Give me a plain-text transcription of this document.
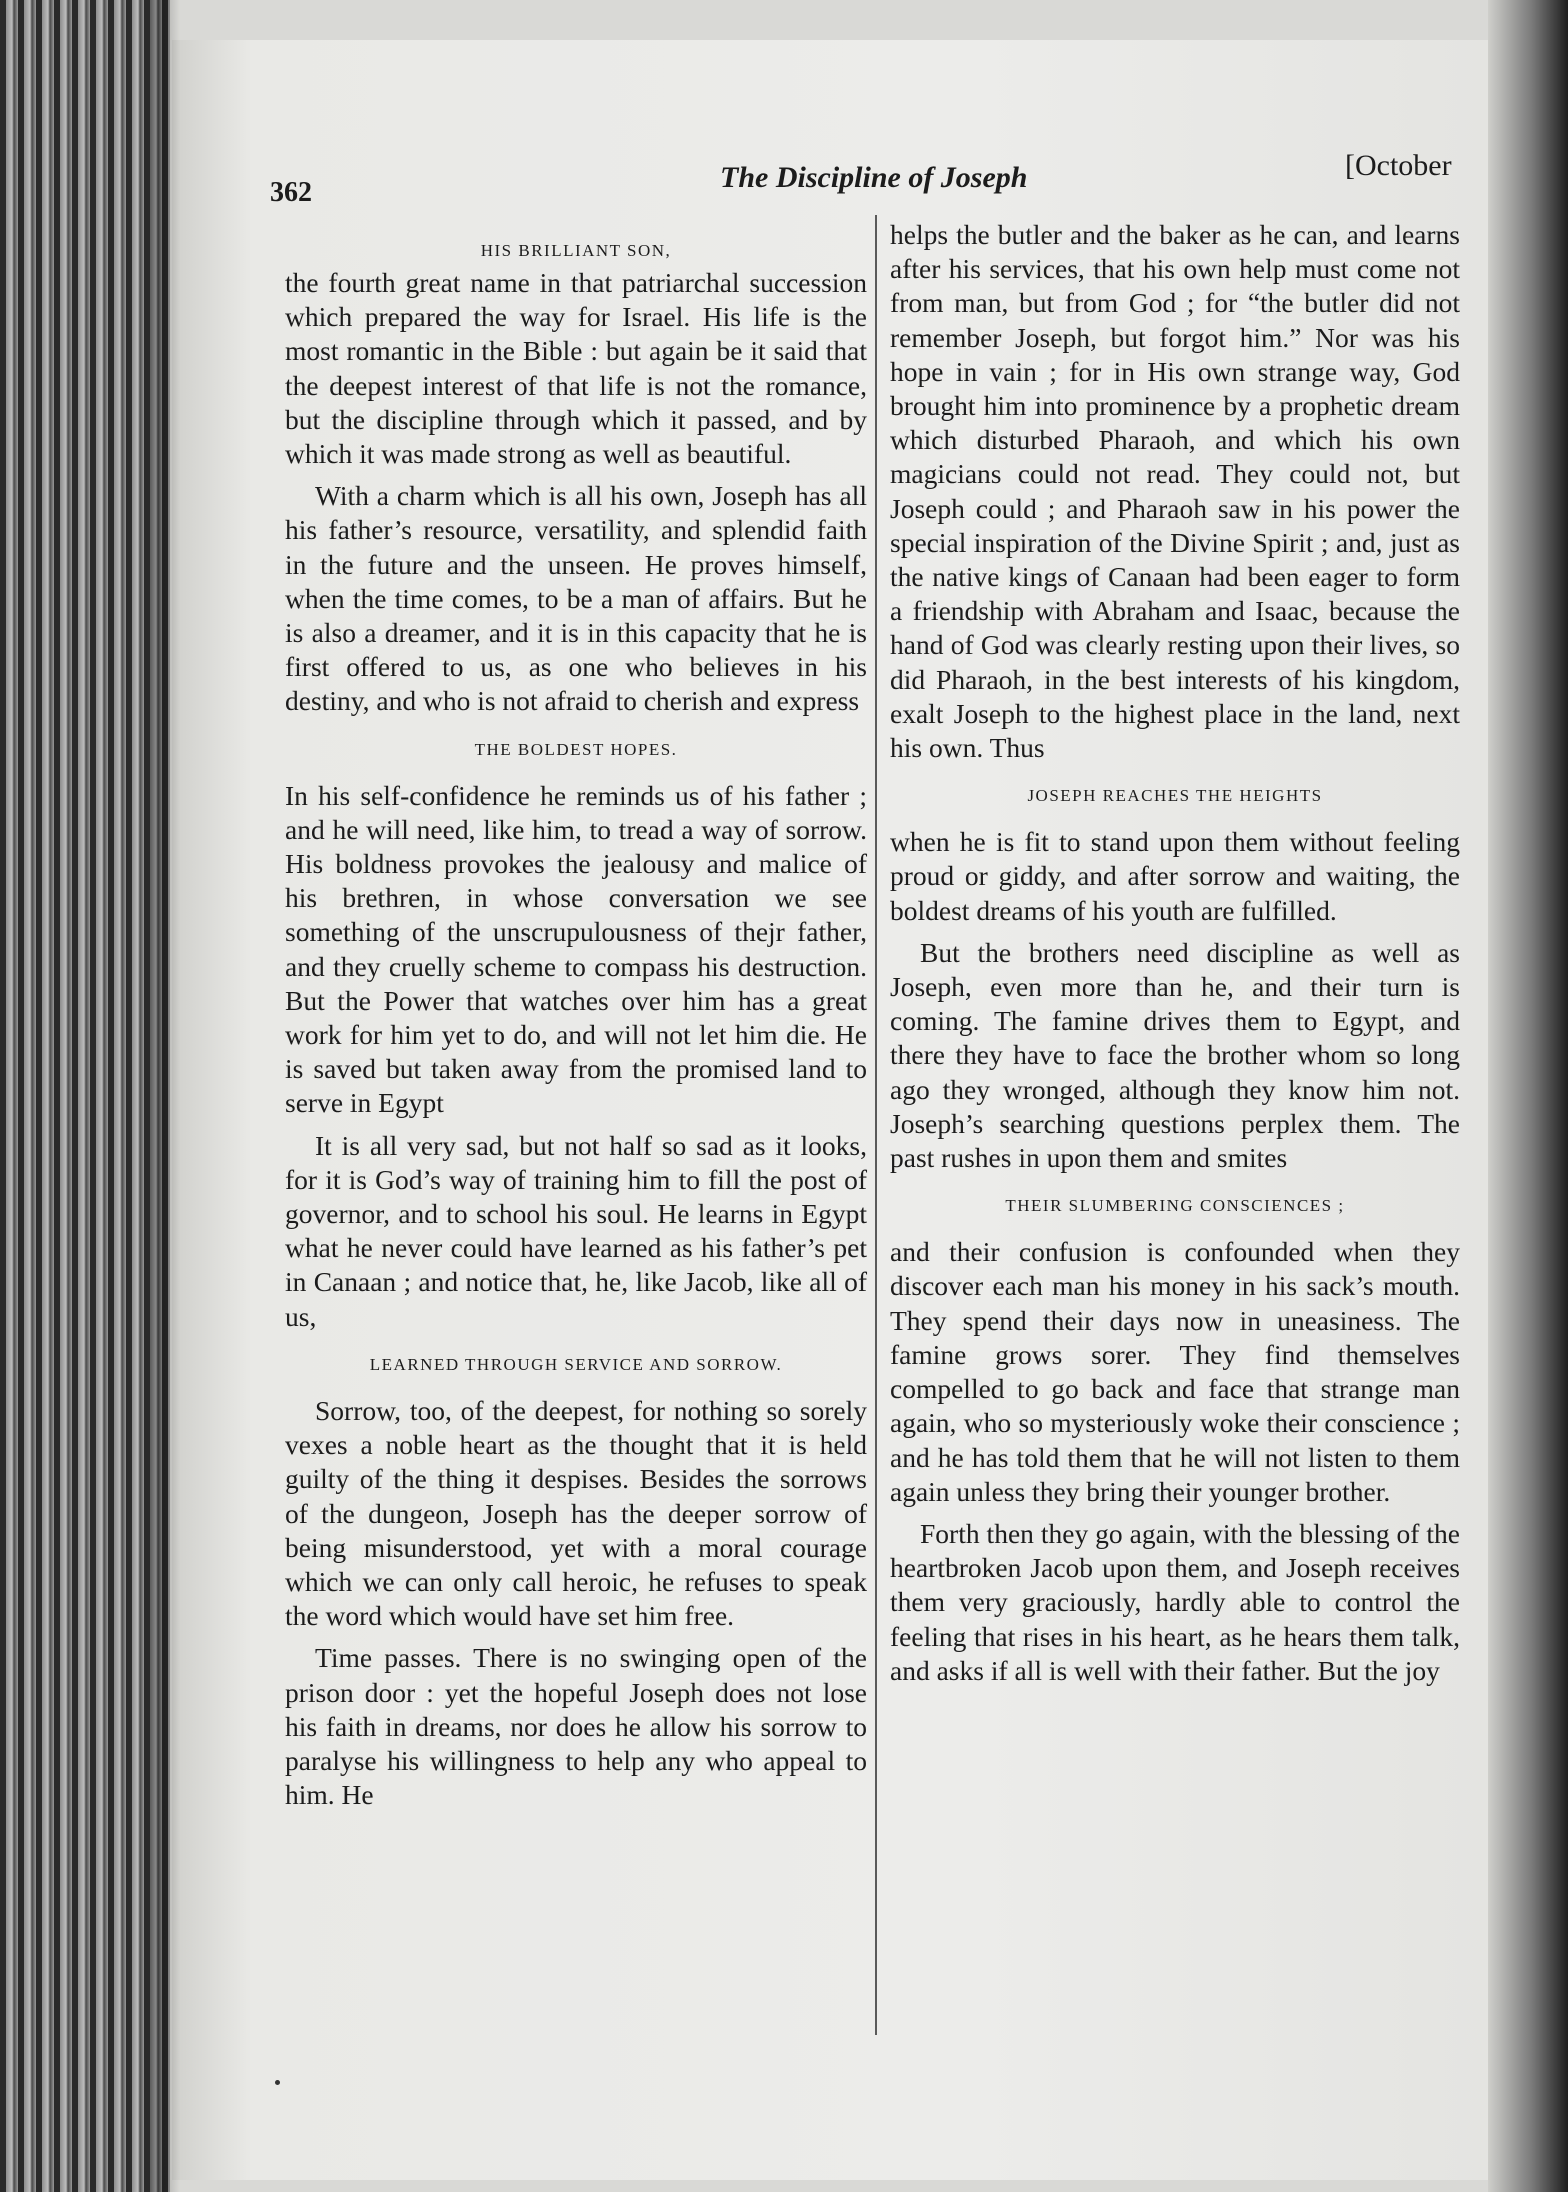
362	The Discipline of Joseph	[October
HIS BRILLIANT SON,

the fourth great name in that patriarchal succession which prepared the way for Israel. His life is the most romantic in the Bible : but again be it said that the deepest interest of that life is not the romance, but the discipline through which it passed, and by which it was made strong as well as beautiful.

With a charm which is all his own, Joseph has all his father’s resource, versatility, and splendid faith in the future and the unseen. He proves himself, when the time comes, to be a man of affairs. But he is also a dreamer, and it is in this capacity that he is first offered to us, as one who believes in his destiny, and who is not afraid to cherish and express

THE BOLDEST HOPES.

In his self-confidence he reminds us of his father ; and he will need, like him, to tread a way of sorrow. His boldness provokes the jealousy and malice of his brethren, in whose conversation we see something of the unscrupulousness of thejr father, and they cruelly scheme to compass his destruction. But the Power that watches over him has a great work for him yet to do, and will not let him die. He is saved but taken away from the promised land to serve in Egypt

It is all very sad, but not half so sad as it looks, for it is God’s way of training him to fill the post of governor, and to school his soul. He learns in Egypt what he never could have learned as his father’s pet in Canaan ; and notice that, he, like Jacob, like all of us,

LEARNED THROUGH SERVICE AND SORROW.

Sorrow, too, of the deepest, for nothing so sorely vexes a noble heart as the thought that it is held guilty of the thing it despises. Besides the sorrows of the dungeon, Joseph has the deeper sorrow of being misunderstood, yet with a moral courage which we can only call heroic, he refuses to speak the word which would have set him free.

Time passes. There is no swinging open of the prison door : yet the hopeful Joseph does not lose his faith in dreams, nor does he allow his sorrow to paralyse his willingness to help any who appeal to him. He

helps the butler and the baker as he can, and learns after his services, that his own help must come not from man, but from God ; for “the butler did not remember Joseph, but forgot him.” Nor was his hope in vain ; for in His own strange way, God brought him into prominence by a prophetic dream which disturbed Pharaoh, and which his own magicians could not read. They could not, but Joseph could ; and Pharaoh saw in his power the special inspiration of the Divine Spirit ; and, just as the native kings of Canaan had been eager to form a friendship with Abraham and Isaac, because the hand of God was clearly resting upon their lives, so did Pharaoh, in the best interests of his kingdom, exalt Joseph to the highest place in the land, next his own. Thus

JOSEPH REACHES THE HEIGHTS

when he is fit to stand upon them without feeling proud or giddy, and after sorrow and waiting, the boldest dreams of his youth are fulfilled.

But the brothers need discipline as well as Joseph, even more than he, and their turn is coming. The famine drives them to Egypt, and there they have to face the brother whom so long ago they wronged, although they know him not. Joseph’s searching questions perplex them. The past rushes in upon them and smites

THEIR SLUMBERING CONSCIENCES ;

and their confusion is confounded when they discover each man his money in his sack’s mouth. They spend their days now in uneasiness. The famine grows sorer. They find themselves compelled to go back and face that strange man again, who so mysteriously woke their conscience ; and he has told them that he will not listen to them again unless they bring their younger brother.

Forth then they go again, with the blessing of the heartbroken Jacob upon them, and Joseph receives them very graciously, hardly able to control the feeling that rises in his heart, as he hears them talk, and asks if all is well with their father. But the joy
